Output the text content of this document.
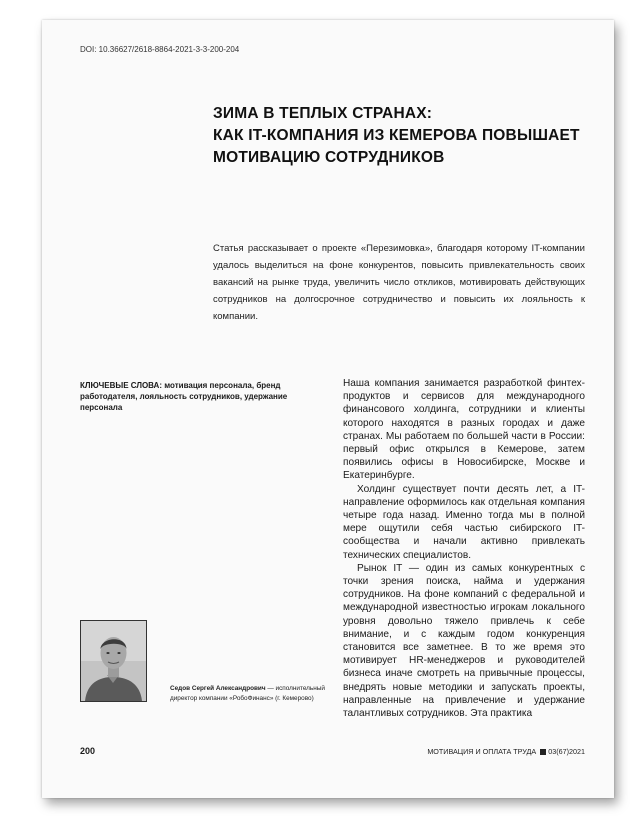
DOI: 10.36627/2618-8864-2021-3-3-200-204
ЗИМА В ТЕПЛЫХ СТРАНАХ:
КАК IT-КОМПАНИЯ ИЗ КЕМЕРОВА ПОВЫШАЕТ
МОТИВАЦИЮ СОТРУДНИКОВ
Статья рассказывает о проекте «Перезимовка», благодаря которому IT-компании удалось выделиться на фоне конкурентов, повысить привлекательность своих вакансий на рынке труда, увеличить число откликов, мотивировать действующих сотрудников на долгосрочное сотрудничество и повысить их лояльность к компании.
КЛЮЧЕВЫЕ СЛОВА: мотивация персонала, бренд работодателя, лояльность сотрудников, удержание персонала

Наша компания занимается разработкой финтех-продуктов и сервисов для международного финансового холдинга, сотрудники и клиенты которого находятся в разных городах и даже странах. Мы работаем по большей части в России: первый офис открылся в Кемерове, затем появились офисы в Новосибирске, Москве и Екатеринбурге.

Холдинг существует почти десять лет, а IT-направление оформилось как отдельная компания четыре года назад. Именно тогда мы в полной мере ощутили себя частью сибирского IT-сообщества и начали активно привлекать технических специалистов.

Рынок IT — один из самых конкурентных с точки зрения поиска, найма и удержания сотрудников. На фоне компаний с федеральной и международной известностью игрокам локального уровня довольно тяжело привлечь к себе внимание, и с каждым годом конкуренция становится все заметнее. В то же время это мотивирует HR-менеджеров и руководителей бизнеса иначе смотреть на привычные процессы, внедрять новые методики и запускать проекты, направленные на привлечение и удержание талантливых сотрудников. Эта практика

Седов Сергей Александрович — исполнительный директор компании «РобоФинанс» (г. Кемерово)
200	МОТИВАЦИЯ И ОПЛАТА ТРУДА 03(67)2021
